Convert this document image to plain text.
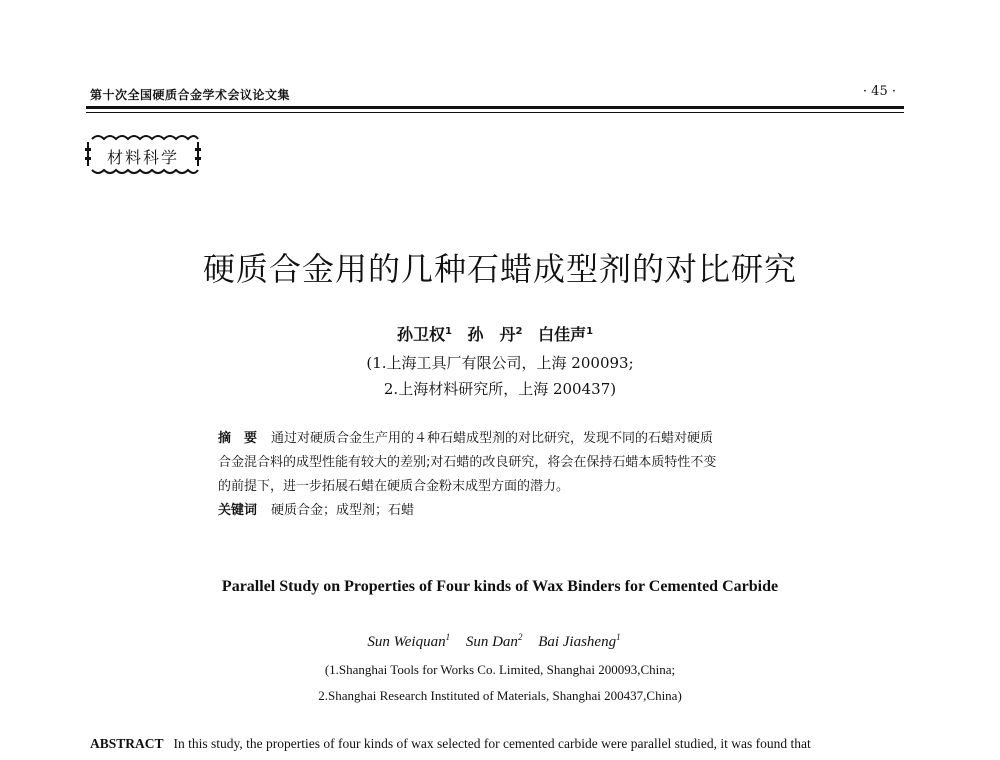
第十次全国硬质合金学术会议论文集	· 45 ·
材料科学
硬质合金用的几种石蜡成型剂的对比研究
孙卫权$^1$ 孙　丹$^2$ 白佳声$^1$
(1.上海工具厂有限公司，上海 200093;
2.上海材料研究所，上海 200437)
摘　要 通过对硬质合金生产用的４种石蜡成型剂的对比研究，发现不同的石蜡对硬质
合金混合料的成型性能有较大的差别;对石蜡的改良研究，将会在保持石蜡本质特性不变
的前提下，进一步拓展石蜡在硬质合金粉末成型方面的潜力。
关键词 硬质合金；成型剂；石蜡
Parallel Study on Properties of Four kinds of Wax Binders for Cemented Carbide
Sun Weiquan$^1$ Sun Dan$^2$ Bai Jiasheng$^1$
(1.Shanghai Tools for Works Co. Limited, Shanghai 200093,China;
2.Shanghai Research Instituted of Materials, Shanghai 200437,China)
ABSTRACT In this study, the properties of four kinds of wax selected for cemented carbide were parallel studied, it was found that
